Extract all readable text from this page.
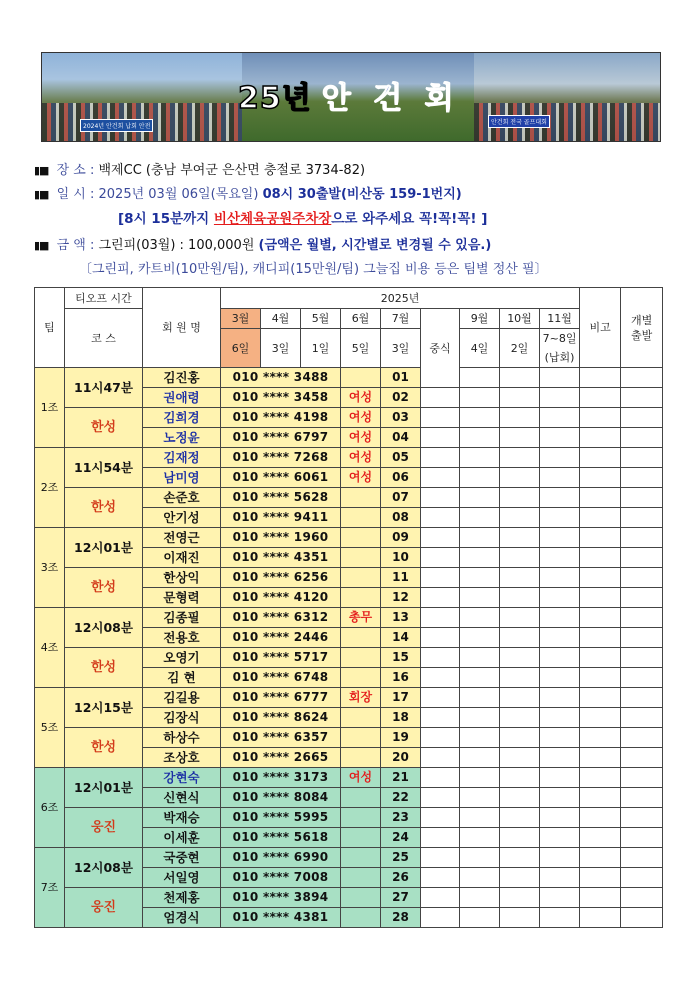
2024년 안건회 납회 안전
안건회 전국 골프대회
25년 안 건 회
▮■ 장 소 : 백제CC (충남 부여군 은산면 충절로 3734-82)
▮■ 일 시 : 2025년 03월 06일(목요일) 08시 30출발(비산동 159-1번지)
[8시 15분까지 비산체육공원주차장으로 와주세요 꼭!꼭!꼭! ]
▮■ 금 액 : 그린피(03월) : 100,000원 (금액은 월별, 시간별로 변경될 수 있음.)
〔그린피, 카트비(10만원/팀), 캐디피(15만원/팀) 그늘집 비용 등은 팀별 정산 필〕
팀	티오프 시간	회 원 명	2025년									비고	개별
출발	
			3월	4월	5월	6월	7월	중식	9월	10월	11월			
	코 스													
			6일	3일	1일	5일	3일		4일	2일	7~8일
(납회)			
1조	11시47분	김진홍	010 **** 3488				01							
		권애령	010 **** 3458			여성	02							
	한성	김희경	010 **** 4198			여성	03							
		노정윤	010 **** 6797			여성	04							
2조	11시54분	김재정	010 **** 7268			여성	05							
		남미영	010 **** 6061			여성	06							
	한성	손준호	010 **** 5628				07							
		안기성	010 **** 9411				08							
3조	12시01분	전영근	010 **** 1960				09							
		이재진	010 **** 4351				10							
	한성	한상익	010 **** 6256				11							
		문형력	010 **** 4120				12							
4조	12시08분	김종필	010 **** 6312			총무	13							
		전용호	010 **** 2446				14							
	한성	오영기	010 **** 5717				15							
		김 현	010 **** 6748				16							
5조	12시15분	김길용	010 **** 6777			회장	17							
		김장식	010 **** 8624				18							
	한성	하상수	010 **** 6357				19							
		조상호	010 **** 2665				20							
6조	12시01분	강현숙	010 **** 3173			여성	21							
		신현식	010 **** 8084				22							
	웅진	박재승	010 **** 5995				23							
		이세훈	010 **** 5618				24							
7조	12시08분	국중현	010 **** 6990				25							
		서일영	010 **** 7008				26							
	웅진	천제홍	010 **** 3894				27							
		엄경식	010 **** 4381				28							
